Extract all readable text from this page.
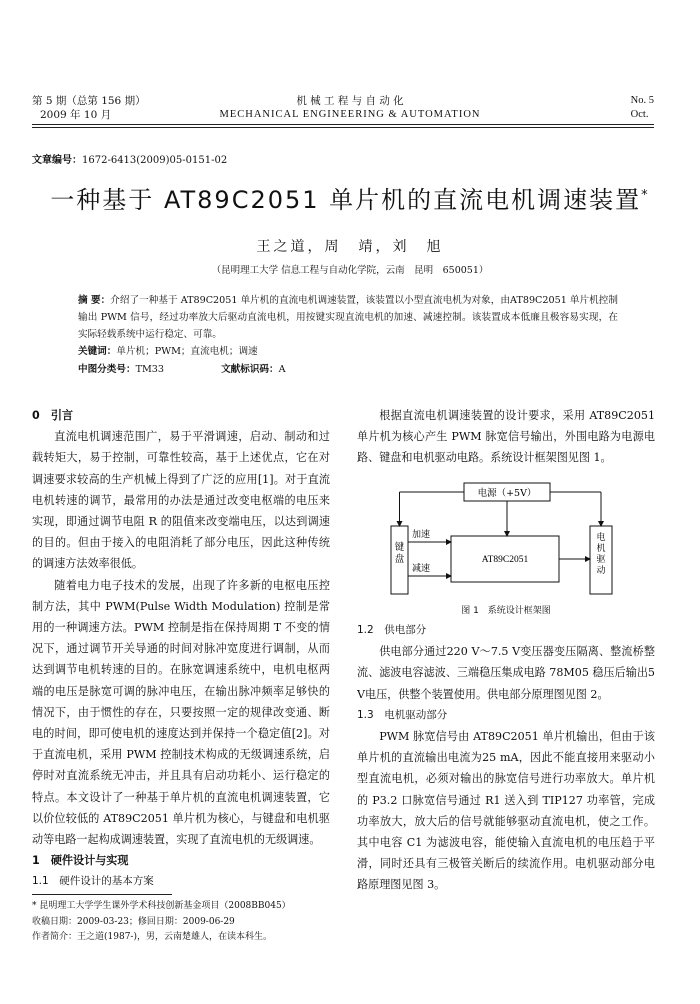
第 5 期（总第 156 期）
2009 年 10 月
机 械 工 程 与 自 动 化
MECHANICAL ENGINEERING & AUTOMATION
No. 5
Oct.
文章编号：1672-6413(2009)05-0151-02
一种基于 AT89C2051 单片机的直流电机调速装置*
王之道，周　靖，刘　旭
（昆明理工大学 信息工程与自动化学院，云南　昆明　650051）
摘 要：介绍了一种基于 AT89C2051 单片机的直流电机调速装置，该装置以小型直流电机为对象，由AT89C2051 单片机控制输出 PWM 信号，经过功率放大后驱动直流电机，用按键实现直流电机的加速、减速控制。该装置成本低廉且极容易实现，在实际轻载系统中运行稳定、可靠。
关键词：单片机；PWM；直流电机；调速
中图分类号：TM33	文献标识码：A
0　引言

直流电机调速范围广，易于平滑调速，启动、制动和过载转矩大，易于控制，可靠性较高，基于上述优点，它在对调速要求较高的生产机械上得到了广泛的应用[1]。对于直流电机转速的调节，最常用的办法是通过改变电枢端的电压来实现，即通过调节电阻 R 的阻值来改变端电压，以达到调速的目的。但由于接入的电阻消耗了部分电压，因此这种传统的调速方法效率很低。

随着电力电子技术的发展，出现了许多新的电枢电压控制方法，其中 PWM(Pulse Width Modulation) 控制是常用的一种调速方法。PWM 控制是指在保持周期 T 不变的情况下，通过调节开关导通的时间对脉冲宽度进行调制，从而达到调节电机转速的目的。在脉宽调速系统中，电机电枢两端的电压是脉宽可调的脉冲电压，在输出脉冲频率足够快的情况下，由于惯性的存在，只要按照一定的规律改变通、断电的时间，即可使电机的速度达到并保持一个稳定值[2]。对于直流电机，采用 PWM 控制技术构成的无级调速系统，启停时对直流系统无冲击，并且具有启动功耗小、运行稳定的特点。本文设计了一种基于单片机的直流电机调速装置，它以价位较低的 AT89C2051 单片机为核心，与键盘和电机驱动等电路一起构成调速装置，实现了直流电机的无级调速。

1　硬件设计与实现
1.1　硬件设计的基本方案

根据直流电机调速装置的设计要求，采用 AT89C2051 单片机为核心产生 PWM 脉宽信号输出，外围电路为电源电路、键盘和电机驱动电路。系统设计框架图见图 1。

电源（+5V）
键盘	AT89C2051
电机驱动
加速
减速
图 1　系统设计框架图
1.2　供电部分

供电部分通过220 V～7.5 V变压器变压隔离、整流桥整流、滤波电容滤波、三端稳压集成电路 78M05 稳压后输出5 V电压，供整个装置使用。供电部分原理图见图 2。

1.3　电机驱动部分

PWM 脉宽信号由 AT89C2051 单片机输出，但由于该单片机的直流输出电流为25 mA，因此不能直接用来驱动小型直流电机，必须对输出的脉宽信号进行功率放大。单片机的 P3.2 口脉宽信号通过 R1 送入到 TIP127 功率管，完成功率放大，放大后的信号就能够驱动直流电机，使之工作。其中电容 C1 为滤波电容，能使输入直流电机的电压趋于平滑，同时还具有三极管关断后的续流作用。电机驱动部分电路原理图见图 3。

* 昆明理工大学学生课外学术科技创新基金项目（2008BB045）
收稿日期：2009-03-23；修回日期：2009-06-29
作者简介：王之道(1987-)，男，云南楚雄人，在读本科生。
